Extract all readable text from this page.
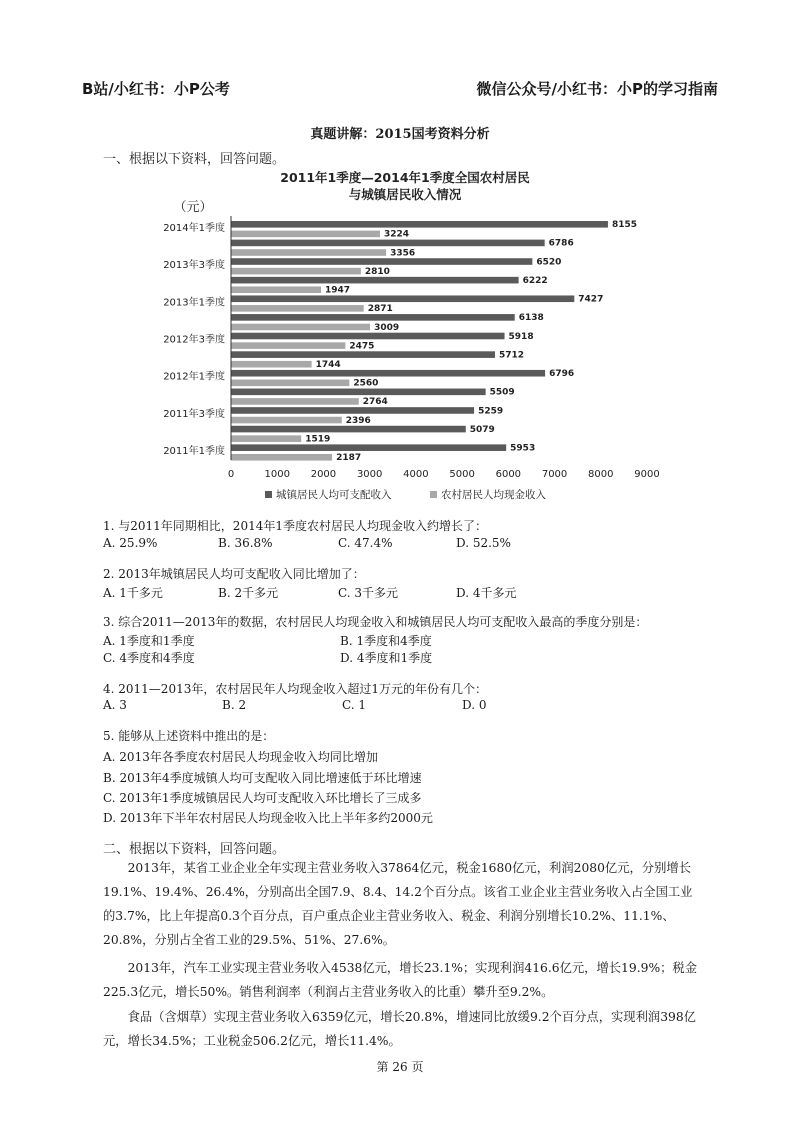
B站/小红书：小P公考	微信公众号/小红书：小P的学习指南
真题讲解：2015国考资料分析
一、根据以下资料，回答问题。
2011年1季度—2014年1季度全国农村居民
与城镇居民收入情况
（元）
8155
3224
6786
3356
6520
2810
6222
1947
7427
2871
6138
3009
5918
2475
5712
1744
6796
2560
5509
2764
5259
2396
5079
1519
5953
2187
2014年1季度
2013年3季度
2013年1季度
2012年3季度
2012年1季度
2011年3季度
2011年1季度
0	1000 2000 3000 4000 5000 6000 7000 8000 9000
城镇居民人均可支配收入	农村居民人均现金收入
1. 与2011年同期相比，2014年1季度农村居民人均现金收入约增长了：
A. 25.9%	B. 36.8%	C. 47.4%	D. 52.5%
2. 2013年城镇居民人均可支配收入同比增加了：
A. 1千多元	B. 2千多元	C. 3千多元	D. 4千多元
3. 综合2011—2013年的数据，农村居民人均现金收入和城镇居民人均可支配收入最高的季度分别是：
A. 1季度和1季度	B. 1季度和4季度
C. 4季度和4季度	D. 4季度和1季度
4. 2011—2013年，农村居民年人均现金收入超过1万元的年份有几个：
A. 3	B. 2	C. 1	D. 0
5. 能够从上述资料中推出的是：
A. 2013年各季度农村居民人均现金收入均同比增加
B. 2013年4季度城镇人均可支配收入同比增速低于环比增速
C. 2013年1季度城镇居民人均可支配收入环比增长了三成多
D. 2013年下半年农村居民人均现金收入比上半年多约2000元
二、根据以下资料，回答问题。
2013年，某省工业企业全年实现主营业务收入37864亿元，税金1680亿元，利润2080亿元，分别增长19.1%、19.4%、26.4%，分别高出全国7.9、8.4、14.2个百分点。该省工业企业主营业务收入占全国工业的3.7%，比上年提高0.3个百分点，百户重点企业主营业务收入、税金、利润分别增长10.2%、11.1%、20.8%，分别占全省工业的29.5%、51%、27.6%。
2013年，汽车工业实现主营业务收入4538亿元，增长23.1%；实现利润416.6亿元，增长19.9%；税金225.3亿元，增长50%。销售利润率（利润占主营业务收入的比重）攀升至9.2%。
食品（含烟草）实现主营业务收入6359亿元，增长20.8%，增速同比放缓9.2个百分点，实现利润398亿元，增长34.5%；工业税金506.2亿元，增长11.4%。
第 26 页
